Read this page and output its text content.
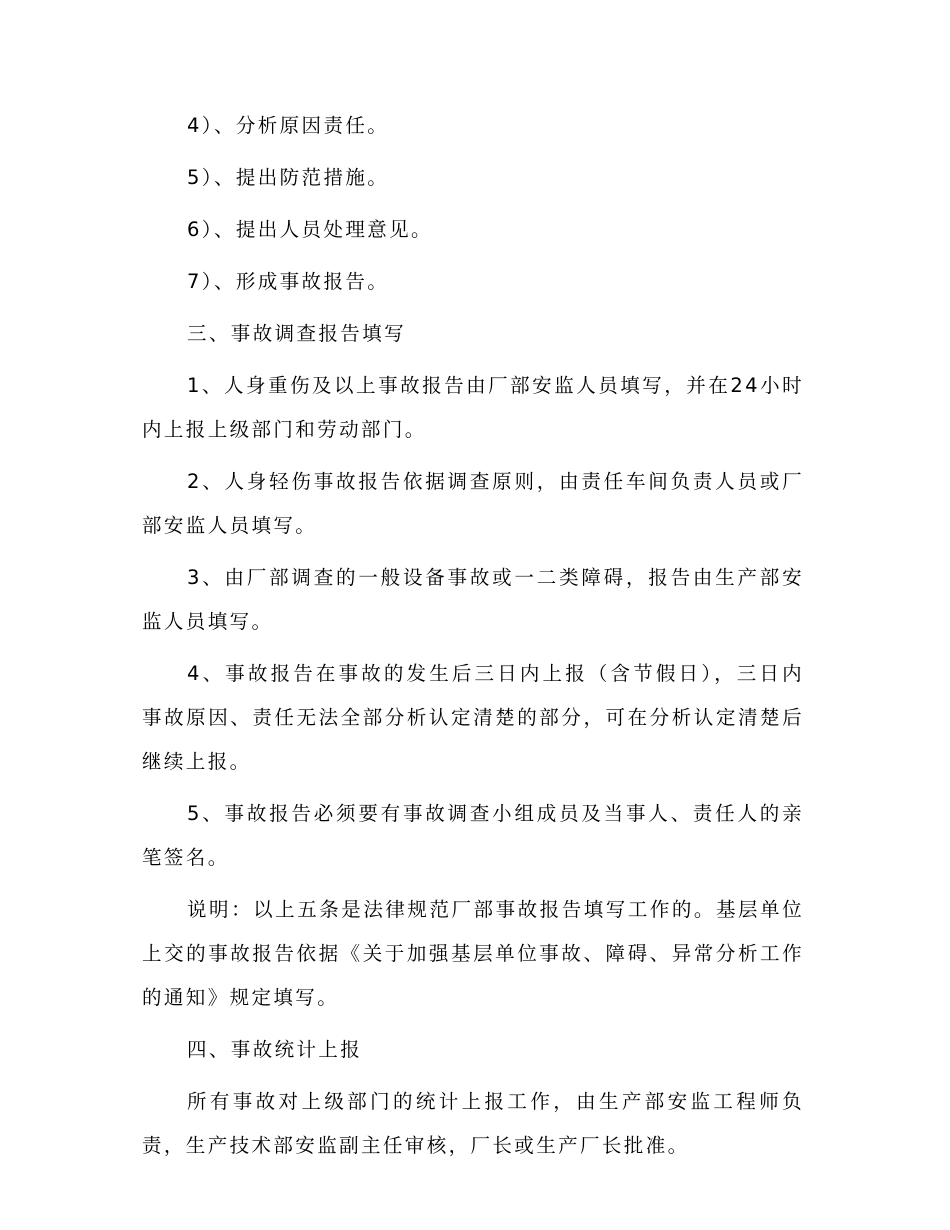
4）、分析原因责任。

5）、提出防范措施。

6）、提出人员处理意见。

7）、形成事故报告。

三、事故调查报告填写

1、人身重伤及以上事故报告由厂部安监人员填写，并在24小时内上报上级部门和劳动部门。

2、人身轻伤事故报告依据调查原则，由责任车间负责人员或厂部安监人员填写。

3、由厂部调查的一般设备事故或一二类障碍，报告由生产部安监人员填写。

4、事故报告在事故的发生后三日内上报（含节假日），三日内事故原因、责任无法全部分析认定清楚的部分，可在分析认定清楚后继续上报。

5、事故报告必须要有事故调查小组成员及当事人、责任人的亲笔签名。

说明：以上五条是法律规范厂部事故报告填写工作的。基层单位上交的事故报告依据《关于加强基层单位事故、障碍、异常分析工作的通知》规定填写。

四、事故统计上报

所有事故对上级部门的统计上报工作，由生产部安监工程师负责，生产技术部安监副主任审核，厂长或生产厂长批准。
